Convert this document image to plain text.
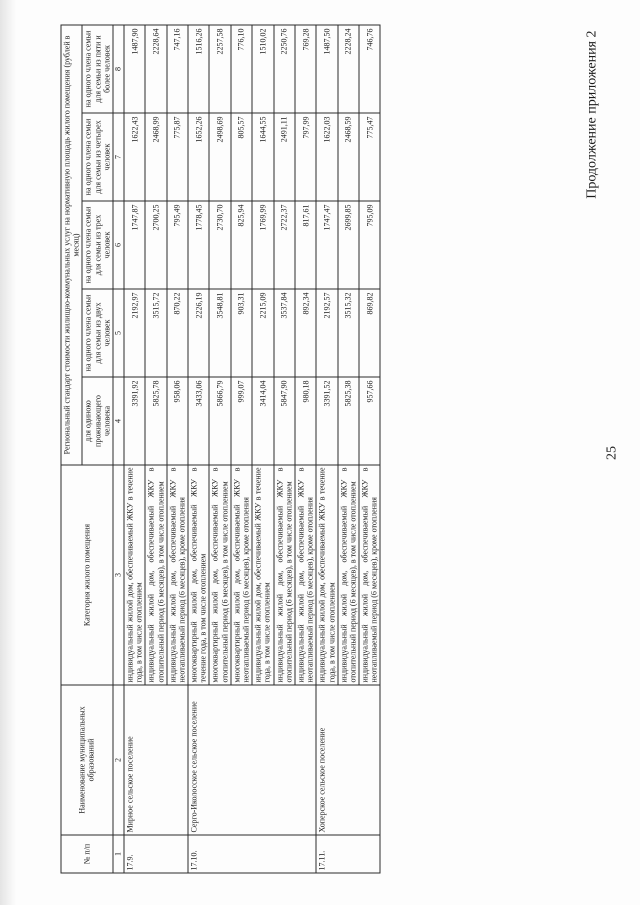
25
Продолжение приложения 2
№ п/п	Наименование муниципальных образований	Категория жилого помещения	Региональный стандарт стоимости жилищно-коммунальных услуг на нормативную площадь жилого помещения (рублей в месяц)				
			для одиноко проживающего человека	на одного члена семьи для семьи из двух человек	на одного члена семьи для семьи из трех человек	на одного члена семьи для семьи из четырех человек	на одного члена семьи для семьи из пяти и более человек
1	2	3	4	5	6	7	8
17.9.	Мирное сельское поселение	индивидуальный жилой дом, обеспечиваемый ЖКУ в течение года, в том числе отоплением	3391,92	2192,97	1747,87	1622,43	1487,90
		индивидуальный жилой дом, обеспечиваемый ЖКУ в отопительный период (6 месяцев), в том числе отоплением	5825,78	3515,72	2700,25	2468,99	2228,64
		индивидуальный жилой дом, обеспечиваемый ЖКУ в неотапливаемый период (6 месяцев), кроме отопления	958,06	870,22	795,49	775,87	747,16
17.10.	Серго-Иколосское сельское поселение	многоквартирный жилой дом, обеспечиваемый ЖКУ в течение года, в том числе отоплением	3433,06	2226,19	1778,45	1652,26	1516,26
		многоквартирный жилой дом, обеспечиваемый ЖКУ в отопительный период (6 месяцев), в том числе отоплением	5866,79	3548,81	2730,70	2498,69	2257,58
		многоквартирный жилой дом, обеспечиваемый ЖКУ в неотапливаемый период (6 месяцев), кроме отопления	999,07	903,31	825,94	805,57	776,10
		индивидуальный жилой дом, обеспечиваемый ЖКУ в течение года, в том числе отоплением	3414,04	2215,09	1769,99	1644,55	1510,02
		индивидуальный жилой дом, обеспечиваемый ЖКУ в отопительный период (6 месяцев), в том числе отоплением	5847,90	3537,84	2722,37	2491,11	2250,76
		индивидуальный жилой дом, обеспечиваемый ЖКУ в неотапливаемый период (6 месяцев), кроме отопления	980,18	892,34	817,61	797,99	769,28
17.11.	Хоперское сельское поселение	индивидуальный жилой дом, обеспечиваемый ЖКУ в течение года, в том числе отоплением	3391,52	2192,57	1747,47	1622,03	1487,50
		индивидуальный жилой дом, обеспечиваемый ЖКУ в отопительный период (6 месяцев), в том числе отоплением	5825,38	3515,32	2699,85	2468,59	2228,24
		индивидуальный жилой дом, обеспечиваемый ЖКУ в неотапливаемый период (6 месяцев), кроме отопления	957,66	869,82	795,09	775,47	746,76
